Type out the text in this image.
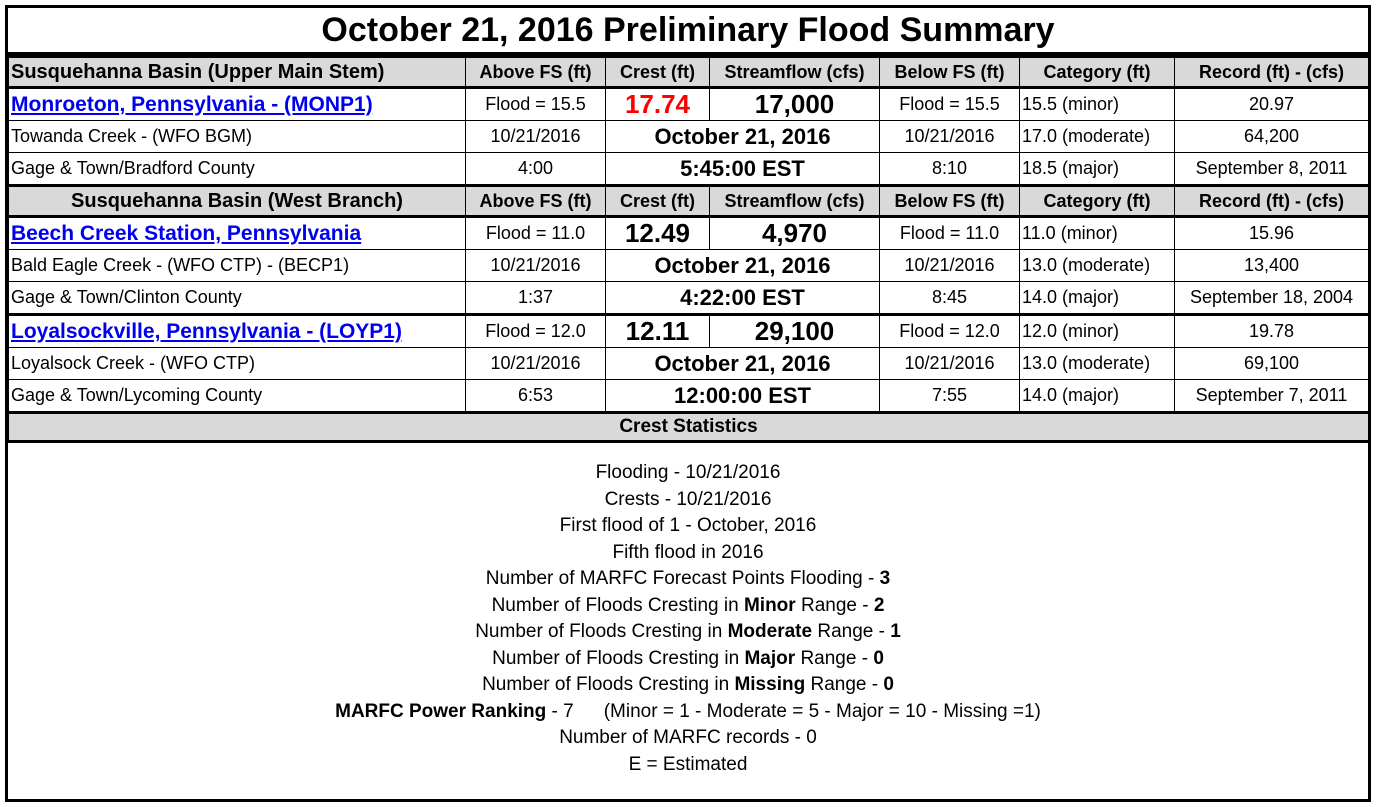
October 21, 2016 Preliminary Flood Summary
Susquehanna Basin (Upper Main Stem)	Above FS (ft)	Crest (ft)	Streamflow (cfs)	Below FS (ft)	Category (ft)	Record (ft) - (cfs)
Monroeton, Pennsylvania - (MONP1)	Flood = 15.5	17.74	17,000	Flood = 15.5	15.5 (minor)	20.97
Towanda Creek - (WFO BGM)	10/21/2016	October 21, 2016		10/21/2016	17.0 (moderate)	64,200
Gage & Town/Bradford County	4:00	5:45:00 EST		8:10	18.5 (major)	September 8, 2011
Susquehanna Basin (West Branch)	Above FS (ft)	Crest (ft)	Streamflow (cfs)	Below FS (ft)	Category (ft)	Record (ft) - (cfs)
Beech Creek Station, Pennsylvania	Flood = 11.0	12.49	4,970	Flood = 11.0	11.0 (minor)	15.96
Bald Eagle Creek - (WFO CTP) - (BECP1)	10/21/2016	October 21, 2016		10/21/2016	13.0 (moderate)	13,400
Gage & Town/Clinton County	1:37	4:22:00 EST		8:45	14.0 (major)	September 18, 2004
Loyalsockville, Pennsylvania - (LOYP1)	Flood = 12.0	12.11	29,100	Flood = 12.0	12.0 (minor)	19.78
Loyalsock Creek - (WFO CTP)	10/21/2016	October 21, 2016		10/21/2016	13.0 (moderate)	69,100
Gage & Town/Lycoming County	6:53	12:00:00 EST		7:55	14.0 (major)	September 7, 2011
Crest Statistics						
Flooding - 10/21/2016
Crests - 10/21/2016
First flood of 1 - October, 2016
Fifth flood in 2016
Number of MARFC Forecast Points Flooding - 3
Number of Floods Cresting in Minor Range - 2
Number of Floods Cresting in Moderate Range - 1
Number of Floods Cresting in Major Range - 0
Number of Floods Cresting in Missing Range - 0
MARFC Power Ranking - 7 (Minor = 1 - Moderate = 5 - Major = 10 - Missing =1)
Number of MARFC records - 0
E = Estimated
